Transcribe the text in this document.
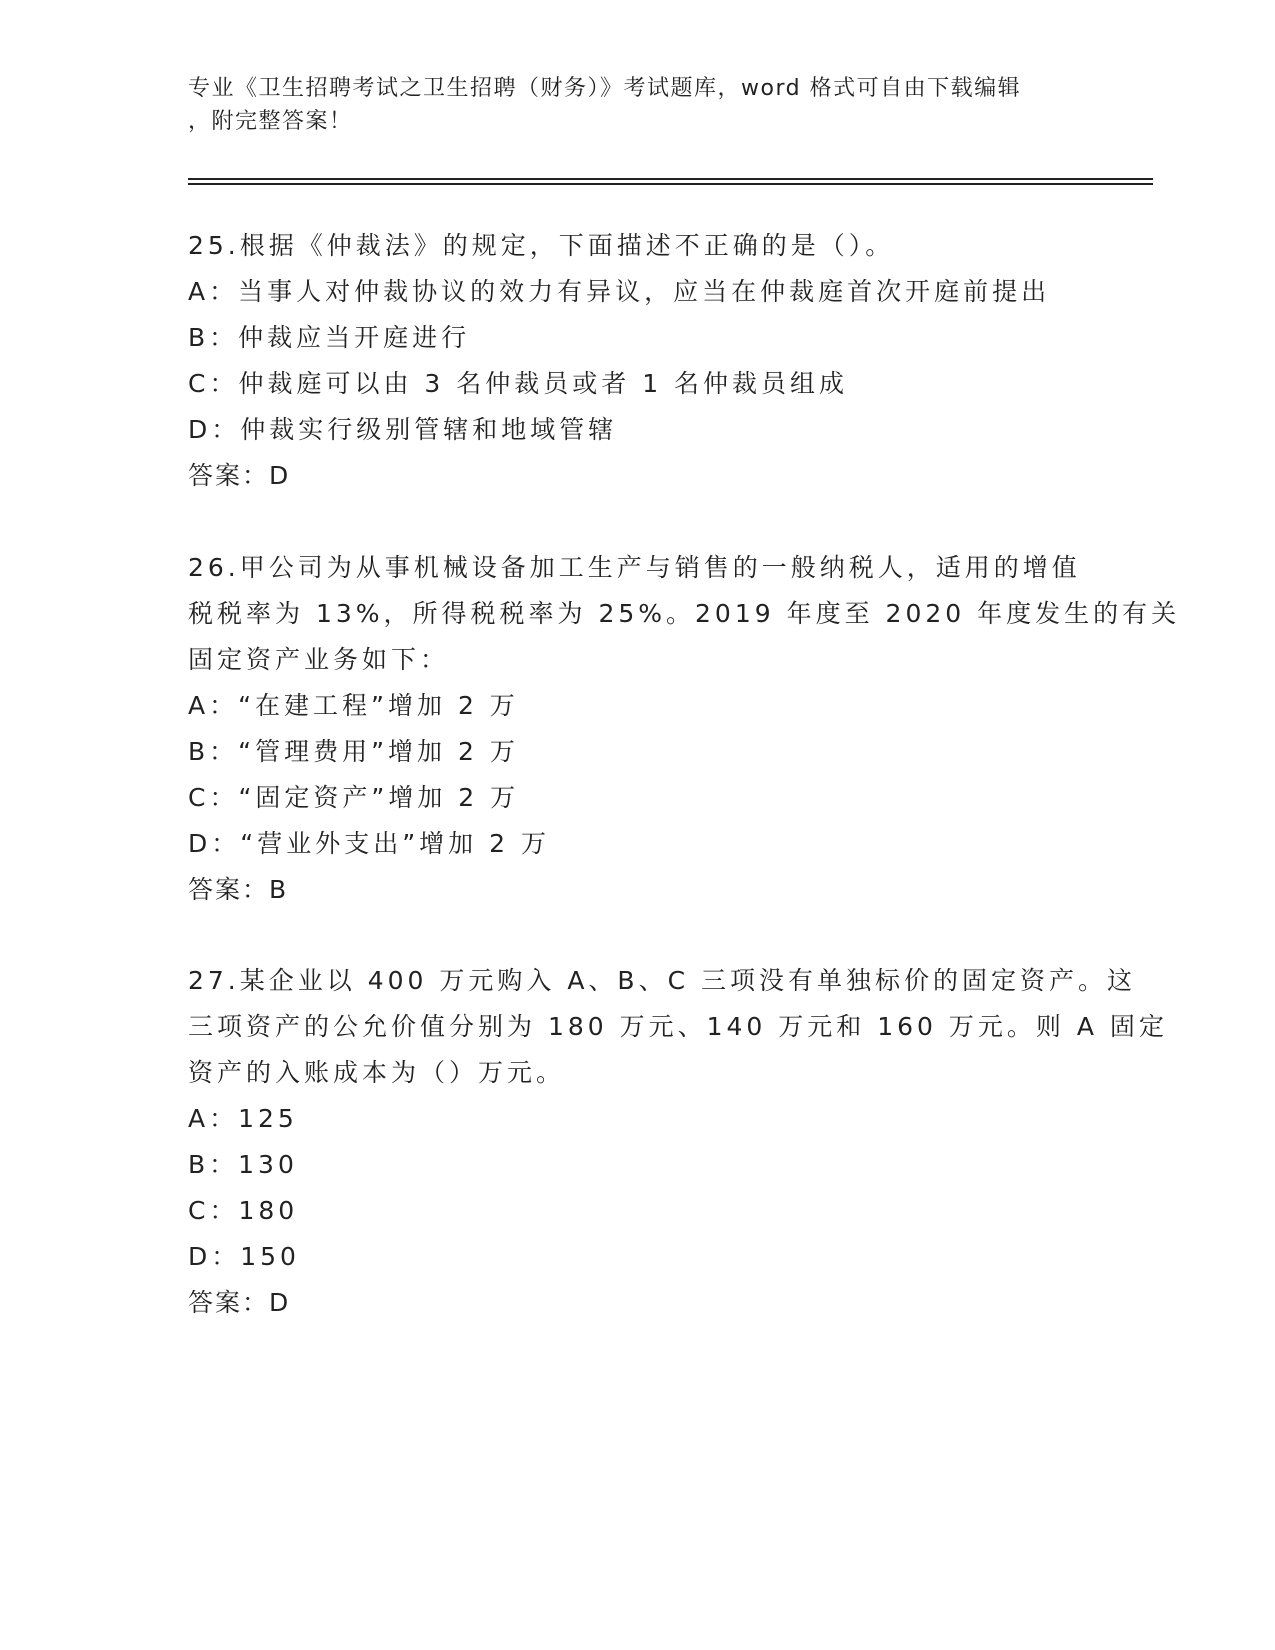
专业《卫生招聘考试之卫生招聘（财务）》考试题库，word 格式可自由下载编辑
，附完整答案！
25.根据《仲裁法》的规定，下面描述不正确的是（）。
A：当事人对仲裁协议的效力有异议，应当在仲裁庭首次开庭前提出
B：仲裁应当开庭进行
C：仲裁庭可以由 3 名仲裁员或者 1 名仲裁员组成
D：仲裁实行级别管辖和地域管辖
答案：D
26.甲公司为从事机械设备加工生产与销售的一般纳税人，适用的增值
税税率为 13%，所得税税率为 25%。2019 年度至 2020 年度发生的有关
固定资产业务如下：
A：“在建工程”增加 2 万
B：“管理费用”增加 2 万
C：“固定资产”增加 2 万
D：“营业外支出”增加 2 万
答案：B
27.某企业以 400 万元购入 A、B、C 三项没有单独标价的固定资产。这
三项资产的公允价值分别为 180 万元、140 万元和 160 万元。则 A 固定
资产的入账成本为（）万元。
A：125
B：130
C：180
D：150
答案：D
